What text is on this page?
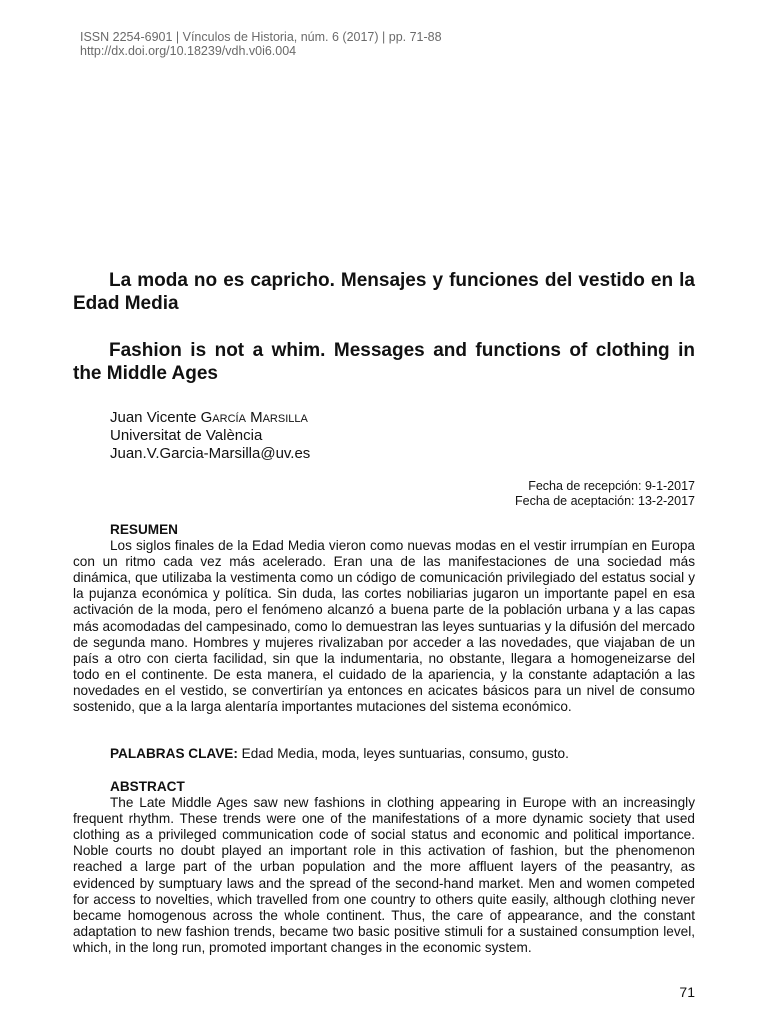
ISSN 2254-6901 | Vínculos de Historia, núm. 6 (2017) | pp. 71-88
http://dx.doi.org/10.18239/vdh.v0i6.004
La moda no es capricho. Mensajes y funciones del vestido en la Edad Media
Fashion is not a whim. Messages and functions of clothing in the Middle Ages
Juan Vicente García Marsilla
Universitat de València
Juan.V.Garcia-Marsilla@uv.es
Fecha de recepción: 9-1-2017
Fecha de aceptación: 13-2-2017
RESUMEN

Los siglos finales de la Edad Media vieron como nuevas modas en el vestir irrumpían en Europa con un ritmo cada vez más acelerado. Eran una de las manifestaciones de una sociedad más dinámica, que utilizaba la vestimenta como un código de comunicación privilegiado del estatus social y la pujanza económica y política. Sin duda, las cortes nobiliarias jugaron un importante papel en esa activación de la moda, pero el fenómeno alcanzó a buena parte de la población urbana y a las capas más acomodadas del campesinado, como lo demuestran las leyes suntuarias y la difusión del mercado de segunda mano. Hombres y mujeres rivalizaban por acceder a las novedades, que viajaban de un país a otro con cierta facilidad, sin que la indumentaria, no obstante, llegara a homogeneizarse del todo en el continente. De esta manera, el cuidado de la apariencia, y la constante adaptación a las novedades en el vestido, se convertirían ya entonces en acicates básicos para un nivel de consumo sostenido, que a la larga alentaría importantes mutaciones del sistema económico.

PALABRAS CLAVE: Edad Media, moda, leyes suntuarias, consumo, gusto.
ABSTRACT

The Late Middle Ages saw new fashions in clothing appearing in Europe with an increasingly frequent rhythm. These trends were one of the manifestations of a more dynamic society that used clothing as a privileged communication code of social status and economic and political importance. Noble courts no doubt played an important role in this activation of fashion, but the phenomenon reached a large part of the urban population and the more affluent layers of the peasantry, as evidenced by sumptuary laws and the spread of the second-hand market. Men and women competed for access to novelties, which travelled from one country to others quite easily, although clothing never became homogenous across the whole continent. Thus, the care of appearance, and the constant adaptation to new fashion trends, became two basic positive stimuli for a sustained consumption level, which, in the long run, promoted important changes in the economic system.

71
